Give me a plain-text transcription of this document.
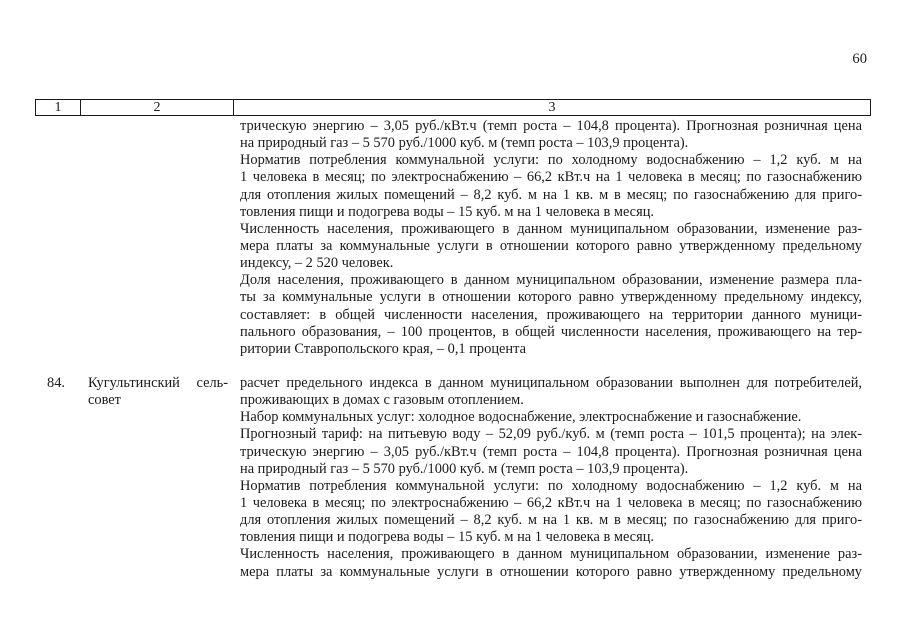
60
1	2	3
трическую энергию – 3,05 руб./кВт.ч (темп роста – 104,8 процента). Прогнозная розничная цена
на природный газ – 5 570 руб./1000 куб. м (темп роста – 103,9 процента).
Норматив потребления коммунальной услуги: по холодному водоснабжению – 1,2 куб. м на
1 человека в месяц; по электроснабжению – 66,2 кВт.ч на 1 человека в месяц; по газоснабжению
для отопления жилых помещений – 8,2 куб. м на 1 кв. м в месяц; по газоснабжению для приго-
товления пищи и подогрева воды – 15 куб. м на 1 человека в месяц.
Численность населения, проживающего в данном муниципальном образовании, изменение раз-
мера платы за коммунальные услуги в отношении которого равно утвержденному предельному
индексу, – 2 520 человек.
Доля населения, проживающего в данном муниципальном образовании, изменение размера пла-
ты за коммунальные услуги в отношении которого равно утвержденному предельному индексу,
составляет: в общей численности населения, проживающего на территории данного муници-
пального образования, – 100 процентов, в общей численности населения, проживающего на тер-
ритории Ставропольского края, – 0,1 процента
84. Кугультинский сель-
совет
расчет предельного индекса в данном муниципальном образовании выполнен для потребителей,
проживающих в домах с газовым отоплением.
Набор коммунальных услуг: холодное водоснабжение, электроснабжение и газоснабжение.
Прогнозный тариф: на питьевую воду – 52,09 руб./куб. м (темп роста – 101,5 процента); на элек-
трическую энергию – 3,05 руб./кВт.ч (темп роста – 104,8 процента). Прогнозная розничная цена
на природный газ – 5 570 руб./1000 куб. м (темп роста – 103,9 процента).
Норматив потребления коммунальной услуги: по холодному водоснабжению – 1,2 куб. м на
1 человека в месяц; по электроснабжению – 66,2 кВт.ч на 1 человека в месяц; по газоснабжению
для отопления жилых помещений – 8,2 куб. м на 1 кв. м в месяц; по газоснабжению для приго-
товления пищи и подогрева воды – 15 куб. м на 1 человека в месяц.
Численность населения, проживающего в данном муниципальном образовании, изменение раз-
мера платы за коммунальные услуги в отношении которого равно утвержденному предельному
